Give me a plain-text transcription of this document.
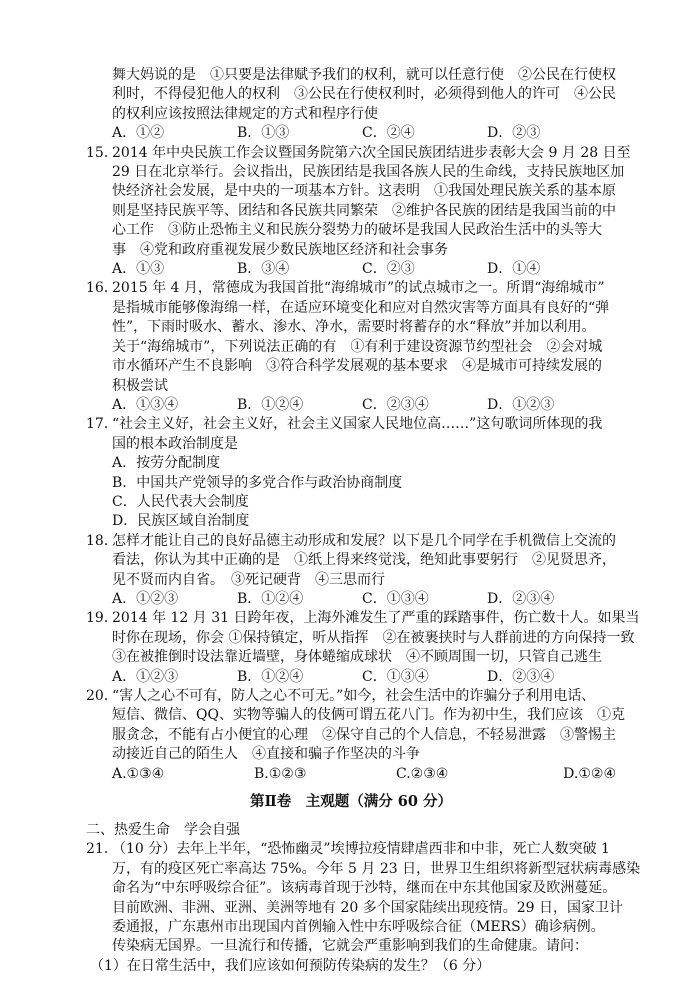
舞大妈说的是　①只要是法律赋予我们的权利，就可以任意行使　②公民在行使权
利时，不得侵犯他人的权利　③公民在行使权利时，必须得到他人的许可　④公民
的权利应该按照法律规定的方式和程序行使
A．①②	B．①③	C．②④	D．②③
15．2014 年中央民族工作会议暨国务院第六次全国民族团结进步表彰大会 9 月 28 日至
29 日在北京举行。会议指出，民族团结是我国各族人民的生命线，支持民族地区加
快经济社会发展，是中央的一项基本方针。这表明　①我国处理民族关系的基本原
则是坚持民族平等、团结和各民族共同繁荣　②维护各民族的团结是我国当前的中
心工作　③防止恐怖主义和民族分裂势力的破坏是我国人民政治生活中的头等大
事　④党和政府重视发展少数民族地区经济和社会事务
A．①③	B．③④	C．②③	D．①④
16．2015 年 4 月，常德成为我国首批“海绵城市”的试点城市之一。所谓“海绵城市”
是指城市能够像海绵一样，在适应环境变化和应对自然灾害等方面具有良好的“弹
性”，下雨时吸水、蓄水、渗水、净水，需要时将蓄存的水“释放”并加以利用。
关于“海绵城市”，下列说法正确的有　①有利于建设资源节约型社会　②会对城
市水循环产生不良影响　③符合科学发展观的基本要求　④是城市可持续发展的
积极尝试
A．①③④	B．①②④	C．②③④	D．①②③
17．“社会主义好，社会主义好，社会主义国家人民地位高……”这句歌词所体现的我
国的根本政治制度是
A．按劳分配制度
B．中国共产党领导的多党合作与政治协商制度
C．人民代表大会制度
D．民族区域自治制度
18．怎样才能让自己的良好品德主动形成和发展？以下是几个同学在手机微信上交流的
看法，你认为其中正确的是　①纸上得来终觉浅，绝知此事要躬行　②见贤思齐，
见不贤而内自省。　③死记硬背　④三思而行
A．①②③	B．①②④	C．①③④	D．②③④
19．2014 年 12 月 31 日跨年夜，上海外滩发生了严重的踩踏事件，伤亡数十人。如果当
时你在现场，你会 ①保持镇定，听从指挥　②在被裹挟时与人群前进的方向保持一致
③在被推倒时设法靠近墙壁，身体蜷缩成球状　④不顾周围一切，只管自己逃生
A．①②③	B．①②④	C．①③④	D．②③④
20．“害人之心不可有，防人之心不可无。”如今，社会生活中的诈骗分子利用电话、
短信、微信、QQ、实物等骗人的伎俩可谓五花八门。作为初中生，我们应该　①克
服贪念，不能有占小便宜的心理　②保守自己的个人信息，不轻易泄露　③警惕主
动接近自己的陌生人　④直接和骗子作坚决的斗争
A.①③④	B.①②③	C.②③④	D.①②④
第Ⅱ卷　主观题（满分 60 分）
二、热爱生命　学会自强
21．（10 分）去年上半年，“恐怖幽灵”埃博拉疫情肆虐西非和中非，死亡人数突破 1
万，有的疫区死亡率高达 75%。今年 5 月 23 日，世界卫生组织将新型冠状病毒感染
命名为“中东呼吸综合征”。该病毒首现于沙特，继而在中东其他国家及欧洲蔓延。
目前欧洲、非洲、亚洲、美洲等地有 20 多个国家陆续出现疫情。29 日，国家卫计
委通报，广东惠州市出现国内首例输入性中东呼吸综合征（MERS）确诊病例。
传染病无国界。一旦流行和传播，它就会严重影响到我们的生命健康。请问：
（1）在日常生活中，我们应该如何预防传染病的发生？（6 分）
